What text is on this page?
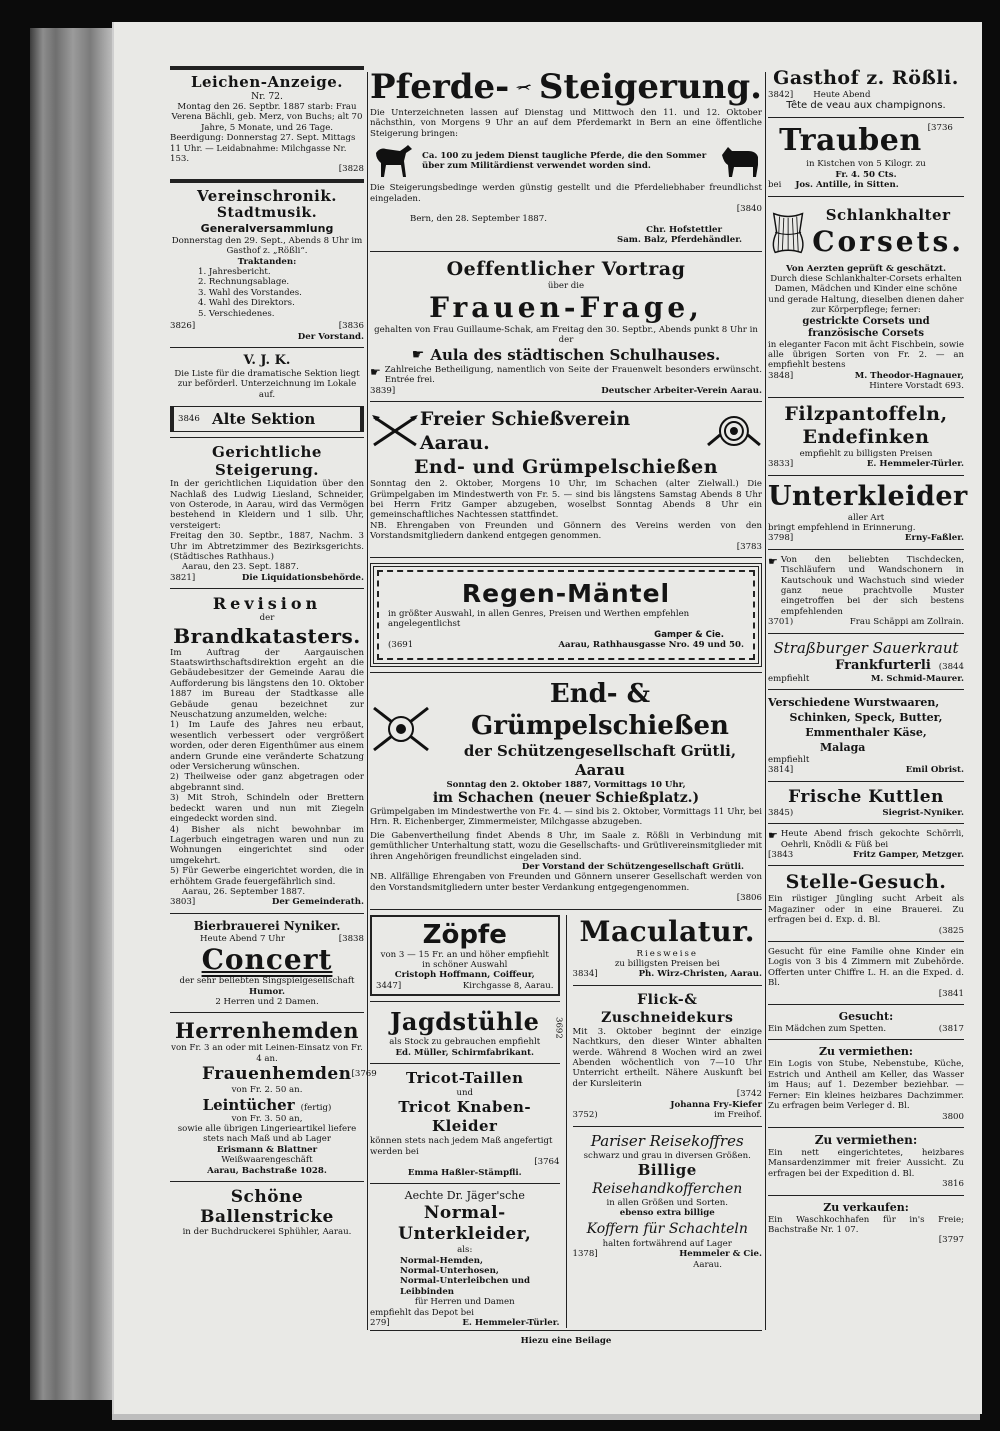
Leichen-Anzeige.

Nr. 72.

Montag den 26. Septbr. 1887 starb: Frau Verena Bächli, geb. Merz, von Buchs; alt 70 Jahre, 5 Monate, und 26 Tage.

Beerdigung: Donnerstag 27. Sept. Mittags 11 Uhr. — Leidabnahme: Milchgasse Nr. 153.

[3828

Vereinschronik.

Stadtmusik.

Generalversammlung

Donnerstag den 29. Sept., Abends 8 Uhr im Gasthof z. „Rößli“.

Traktanden:

1. Jahresbericht.

2. Rechnungsablage.

3. Wahl des Vorstandes.

4. Wahl des Direktors.

5. Verschiedenes.

3826]	[3836

Der Vorstand.

V. J. K.

Die Liste für die dramatische Sektion liegt zur beförderl. Unterzeichnung im Lokale auf.

3846 Alte Sektion

Gerichtliche Steigerung.

In der gerichtlichen Liquidation über den Nachlaß des Ludwig Liesland, Schneider, von Osterode, in Aarau, wird das Vermögen bestehend in Kleidern und 1 silb. Uhr, versteigert:

Freitag den 30. Septbr., 1887, Nachm. 3 Uhr im Abtretzimmer des Bezirksgerichts. (Städtisches Rathhaus.)

Aarau, den 23. Sept. 1887.

3821]	Die Liquidationsbehörde.

Revision

der

Brandkatasters.

Im Auftrag der Aargauischen Staatswirthschaftsdirektion ergeht an die Gebäudebesitzer der Gemeinde Aarau die Aufforderung bis längstens den 10. Oktober 1887 im Bureau der Stadtkasse alle Gebäude genau bezeichnet zur Neuschatzung anzumelden, welche:

1) Im Laufe des Jahres neu erbaut, wesentlich verbessert oder vergrößert worden, oder deren Eigenthümer aus einem andern Grunde eine veränderte Schatzung oder Versicherung wünschen.

2) Theilweise oder ganz abgetragen oder abgebrannt sind.

3) Mit Stroh, Schindeln oder Brettern bedeckt waren und nun mit Ziegeln eingedeckt worden sind.

4) Bisher als nicht bewohnbar im Lagerbuch eingetragen waren und nun zu Wohnungen eingerichtet sind oder umgekehrt.

5) Für Gewerbe eingerichtet worden, die in erhöhtem Grade feuergefährlich sind.

Aarau, 26. September 1887.

3803]	Der Gemeinderath.

Bierbrauerei Nyniker.

Heute Abend 7 Uhr	[3838

Concert

der sehr beliebten Singspielgesellschaft

Humor.

2 Herren und 2 Damen.

Herrenhemden

von Fr. 3 an oder mit Leinen-Einsatz von Fr. 4 an.

Frauenhemden [3769

von Fr. 2. 50 an.

Leintücher (fertig)

von Fr. 3. 50 an,

sowie alle übrigen Lingerieartikel liefere stets nach Maß und ab Lager

Erismann & Blattner

Weißwaarengeschäft

Aarau, Bachstraße 1028.

Schöne Ballenstricke

in der Buchdruckerei Sphühler, Aarau.

Pferde- Steigerung.

Die Unterzeichneten lassen auf Dienstag und Mittwoch den 11. und 12. Oktober nächsthin, von Morgens 9 Uhr an auf dem Pferdemarkt in Bern an eine öffentliche Steigerung bringen:

Ca. 100 zu jedem Dienst taugliche Pferde, die den Sommer über zum Militärdienst verwendet worden sind.

Die Steigerungsbedinge werden günstig gestellt und die Pferdeliebhaber freundlichst eingeladen.

[3840

Bern, den 28. September 1887.

Chr. Hofstettler

Sam. Balz, Pferdehändler.

Oeffentlicher Vortrag

über die

Frauen-Frage,

gehalten von Frau Guillaume-Schak, am Freitag den 30. Septbr., Abends punkt 8 Uhr in der

☛ Aula des städtischen Schulhauses.

☛ Zahlreiche Betheiligung, namentlich von Seite der Frauenwelt besonders erwünscht. Entrée frei.

3839]	Deutscher Arbeiter-Verein Aarau.

Freier Schießverein Aarau.

End- und Grümpelschießen

Sonntag den 2. Oktober, Morgens 10 Uhr, im Schachen (alter Zielwall.) Die Grümpelgaben im Mindestwerth von Fr. 5. — sind bis längstens Samstag Abends 8 Uhr bei Herrn Fritz Gamper abzugeben, woselbst Sonntag Abends 8 Uhr ein gemeinschaftliches Nachtessen stattfindet.

NB. Ehrengaben von Freunden und Gönnern des Vereins werden von den Vorstandsmitgliedern dankend entgegen genommen.

[3783

Regen-Mäntel

in größter Auswahl, in allen Genres, Preisen und Werthen empfehlen angelegentlichst

Gamper & Cie.

(3691	Aarau, Rathhausgasse Nro. 49 und 50.

End- & Grümpelschießen

der Schützengesellschaft Grütli, Aarau

Sonntag den 2. Oktober 1887, Vormittags 10 Uhr,

im Schachen (neuer Schießplatz.)

Grümpelgaben im Mindestwerthe von Fr. 4. — sind bis 2. Oktober, Vormittags 11 Uhr, bei Hrn. R. Eichenberger, Zimmermeister, Milchgasse abzugeben.

Die Gabenvertheilung findet Abends 8 Uhr, im Saale z. Rößli in Verbindung mit gemüthlicher Unterhaltung statt, wozu die Gesellschafts- und Grütlivereinsmitglieder mit ihren Angehörigen freundlichst eingeladen sind.

Der Vorstand der Schützengesellschaft Grütli.

NB. Allfällige Ehrengaben von Freunden und Gönnern unserer Gesellschaft werden von den Vorstandsmitgliedern unter bester Verdankung entgegengenommen.

[3806

Zöpfe

von 3 — 15 Fr. an und höher empfiehlt in schöner Auswahl

Cristoph Hoffmann, Coiffeur,

3447]	Kirchgasse 8, Aarau.

Jagdstühle	3692

als Stock zu gebrauchen empfiehlt

Ed. Müller, Schirmfabrikant.

Tricot-Taillen

und

Tricot Knaben-Kleider

können stets nach jedem Maß angefertigt werden bei

[3764

Emma Haßler-Stämpfli.

Aechte Dr. Jäger'sche

Normal-Unterkleider,

als:

Normal-Hemden,

Normal-Unterhosen,

Normal-Unterleibchen und Leibbinden

für Herren und Damen

empfiehlt das Depot bei

279]	E. Hemmeler-Türler.

Maculatur.

Riesweise

zu billigsten Preisen bei

3834]	Ph. Wirz-Christen, Aarau.

Flick-& Zuschneidekurs

Mit 3. Oktober beginnt der einzige Nachtkurs, den dieser Winter abhalten werde. Während 8 Wochen wird an zwei Abenden wöchentlich von 7—10 Uhr Unterricht ertheilt. Nähere Auskunft bei der Kursleiterin

[3742

Johanna Fry-Kiefer

3752)	im Freihof.

Pariser Reisekoffres

schwarz und grau in diversen Größen.

Billige

Reisehandkofferchen

in allen Größen und Sorten.

ebenso extra billige

Koffern für Schachteln

halten fortwährend auf Lager

1378]	Hemmeler & Cie.

Aarau.

Hiezu eine Beilage

Gasthof z. Rößli.

3842] Heute Abend

Tête de veau aux champignons.

Trauben [3736

in Kistchen von 5 Kilogr. zu

Fr. 4. 50 Cts.

bei Jos. Antille, in Sitten.

Schlankhalter

Corsets.

Von Aerzten geprüft & geschätzt.

Durch diese Schlankhalter-Corsets erhalten Damen, Mädchen und Kinder eine schöne und gerade Haltung, dieselben dienen daher zur Körperpflege; ferner:

gestrickte Corsets und französische Corsets

in eleganter Facon mit ächt Fischbein, sowie alle übrigen Sorten von Fr. 2. — an empfiehlt bestens

3848]	M. Theodor-Hagnauer,

Hintere Vorstadt 693.

Filzpantoffeln, Endefinken

empfiehlt zu billigsten Preisen

3833]	E. Hemmeler-Türler.

Unterkleider

aller Art

bringt empfehlend in Erinnerung.

3798]	Erny-Faßler.

☛ Von den beliebten Tischdecken, Tischläufern und Wandschonern in Kautschouk und Wachstuch sind wieder ganz neue prachtvolle Muster eingetroffen bei der sich bestens empfehlenden

3701)	Frau Schäppi am Zollrain.

Straßburger Sauerkraut

Frankfurterli (3844

empfiehlt	M. Schmid-Maurer.

Verschiedene Wurstwaaren,

Schinken, Speck, Butter,

Emmenthaler Käse,

Malaga

empfiehlt

3814]	Emil Obrist.

Frische Kuttlen

3845)	Siegrist-Nyniker.

☛ Heute Abend frisch gekochte Schörrli, Oehrli, Knödli & Füß bei

[3843	Fritz Gamper, Metzger.

Stelle-Gesuch.

Ein rüstiger Jüngling sucht Arbeit als Magaziner oder in eine Brauerei. Zu erfragen bei d. Exp. d. Bl.

(3825

Gesucht für eine Familie ohne Kinder ein Logis von 3 bis 4 Zimmern mit Zubehörde. Offerten unter Chiffre L. H. an die Exped. d. Bl.

[3841

Gesucht:

Ein Mädchen zum Spetten.	(3817

Zu vermiethen:

Ein Logis von Stube, Nebenstube, Küche, Estrich und Antheil am Keller, das Wasser im Haus; auf 1. Dezember beziehbar. — Ferner: Ein kleines heizbares Dachzimmer. Zu erfragen beim Verleger d. Bl.

3800

Zu vermiethen:

Ein nett eingerichtetes, heizbares Mansardenzimmer mit freier Aussicht. Zu erfragen bei der Expedition d. Bl.

3816

Zu verkaufen:

Ein Waschkochhafen für in's Freie; Bachstraße Nr. 1 07.

[3797
